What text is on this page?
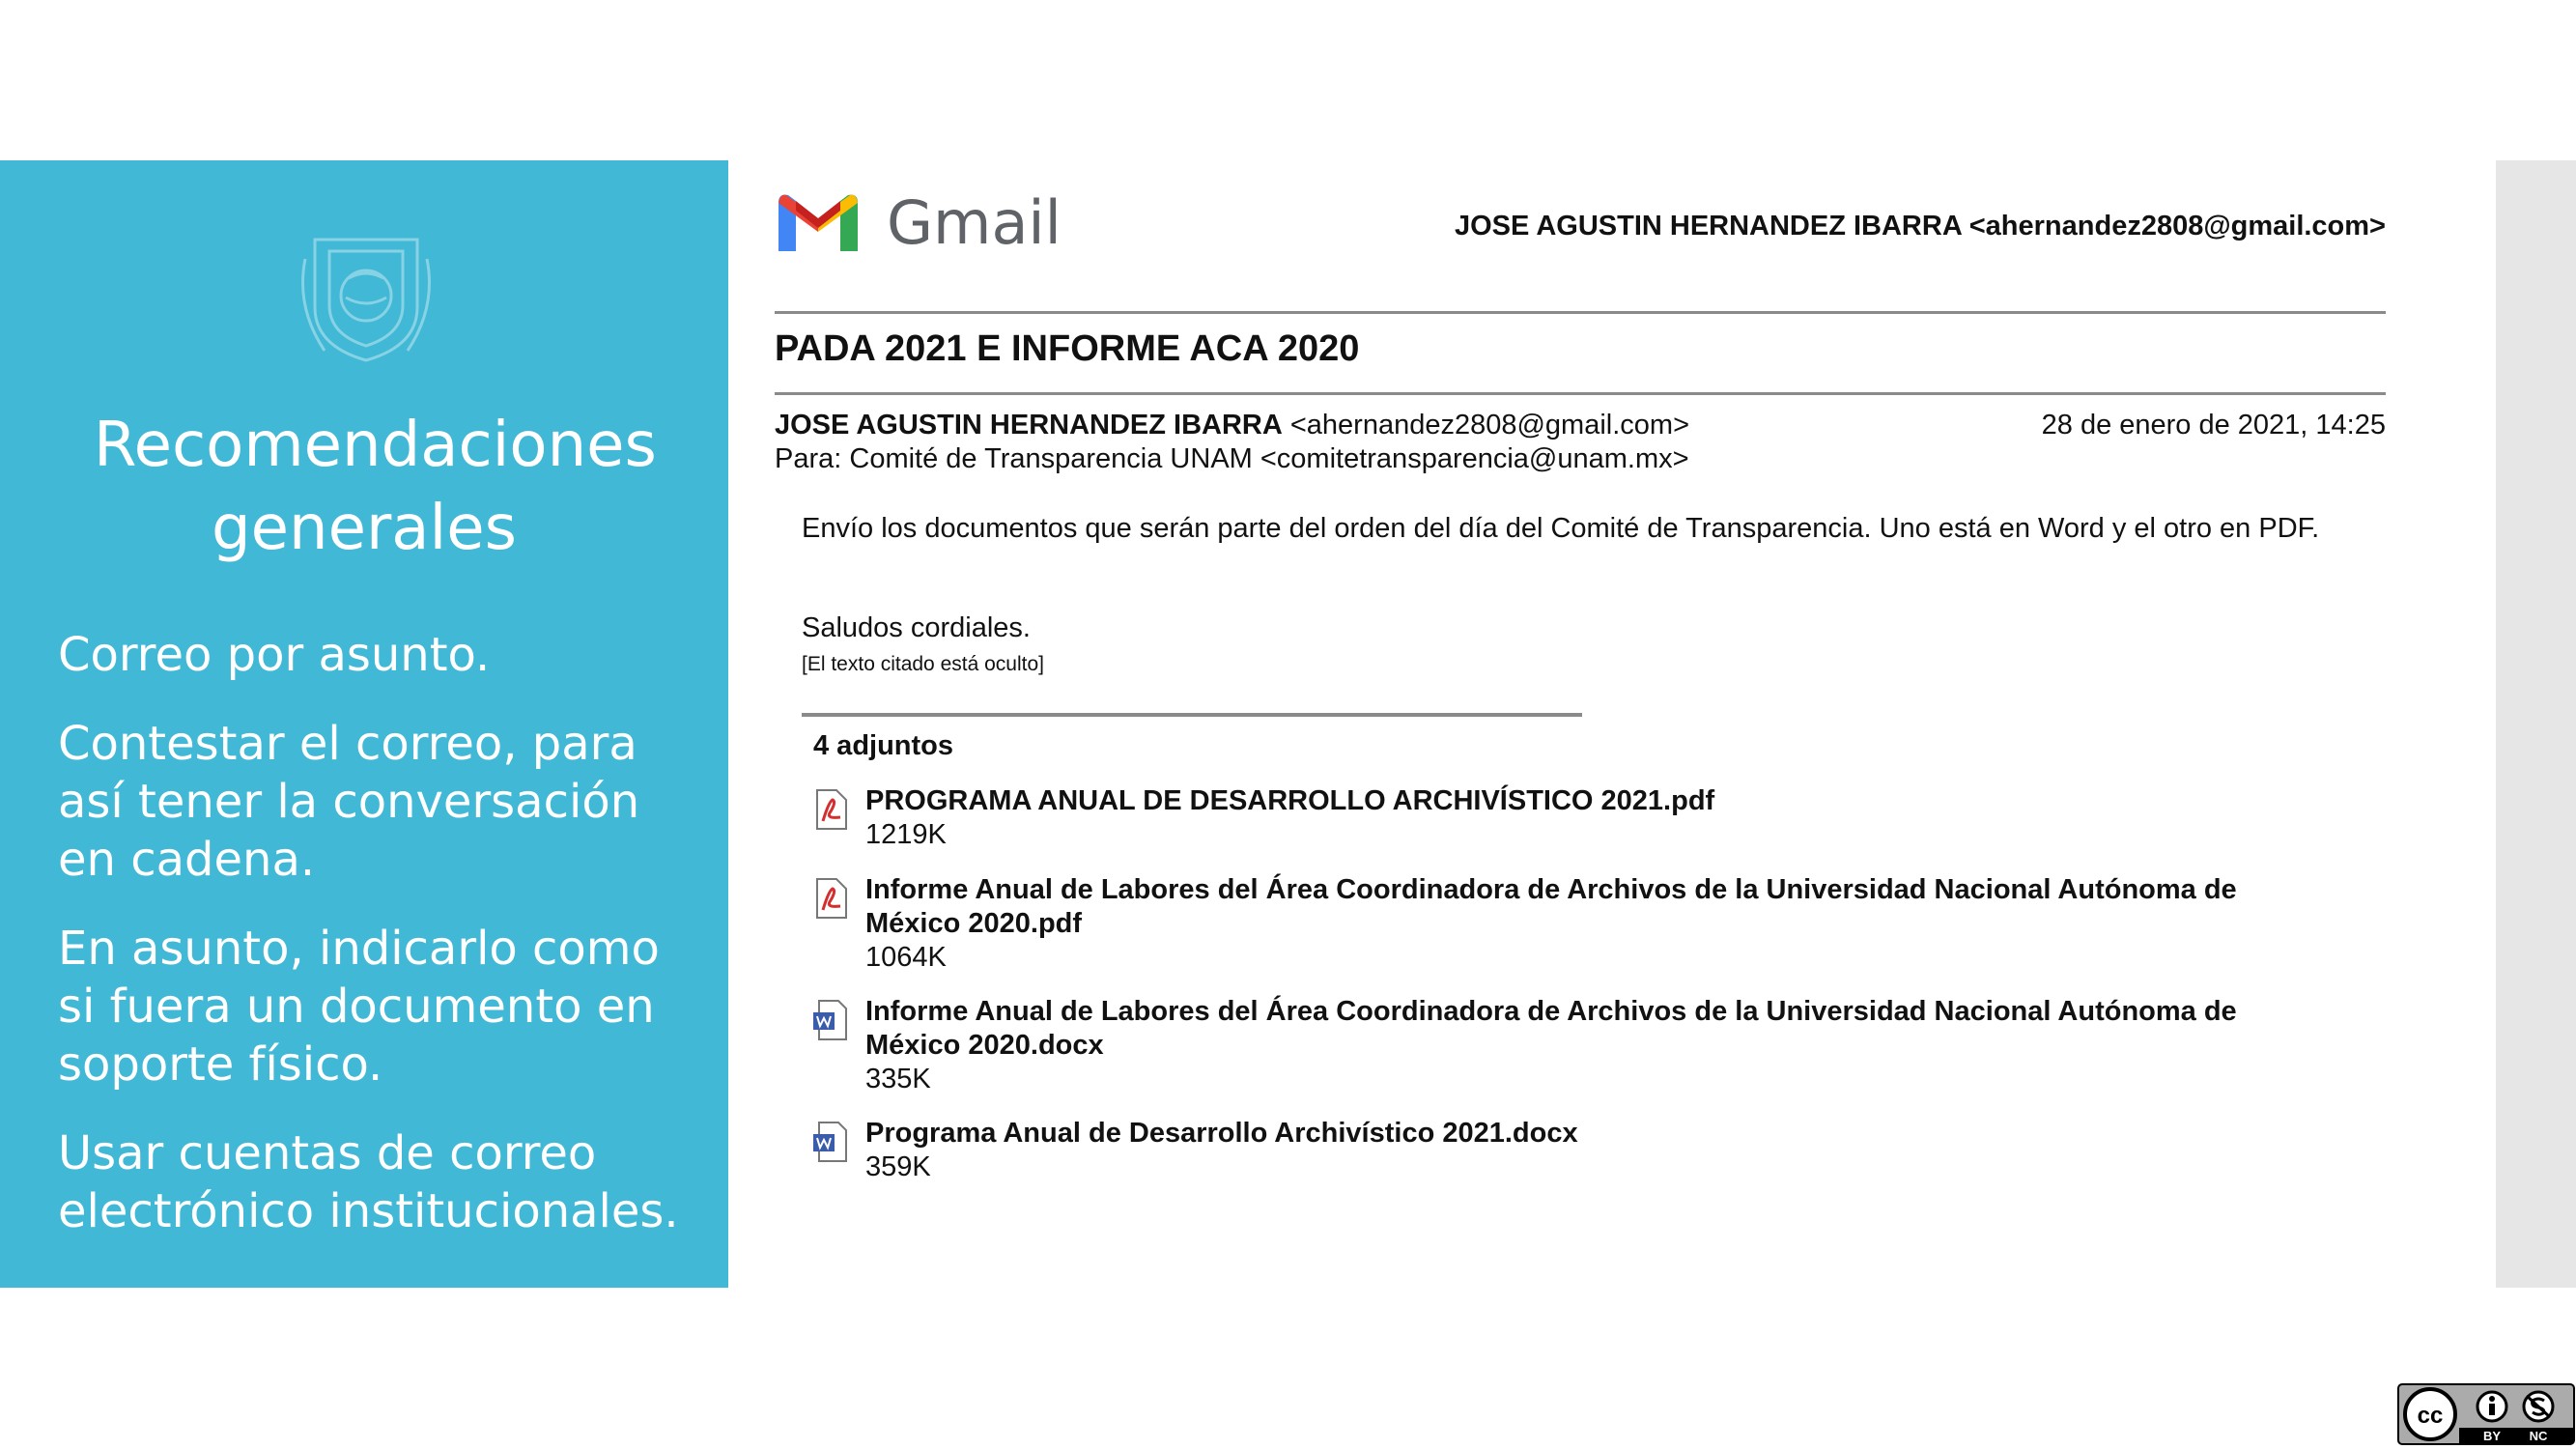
Recomendaciones generales
Correo por asunto.
Contestar el correo, para así tener la conversación en cadena.
En asunto, indicarlo como si fuera un documento en soporte físico.
Usar cuentas de correo electrónico institucionales.
Gmail	JOSE AGUSTIN HERNANDEZ IBARRA <ahernandez2808@gmail.com>
PADA 2021 E INFORME ACA 2020
JOSE AGUSTIN HERNANDEZ IBARRA <ahernandez2808@gmail.com>	28 de enero de 2021, 14:25
Para: Comité de Transparencia UNAM <comitetransparencia@unam.mx>

Envío los documentos que serán parte del orden del día del Comité de Transparencia. Uno está en Word y el otro en PDF.

Saludos cordiales.

[El texto citado está oculto]

4 adjuntos
PROGRAMA ANUAL DE DESARROLLO ARCHIVÍSTICO 2021.pdf
1219K
Informe Anual de Labores del Área Coordinadora de Archivos de la Universidad Nacional Autónoma de México 2020.pdf
1064K
Informe Anual de Labores del Área Coordinadora de Archivos de la Universidad Nacional Autónoma de México 2020.docx
335K
Programa Anual de Desarrollo Archivístico 2021.docx
359K
cc
BY NC
